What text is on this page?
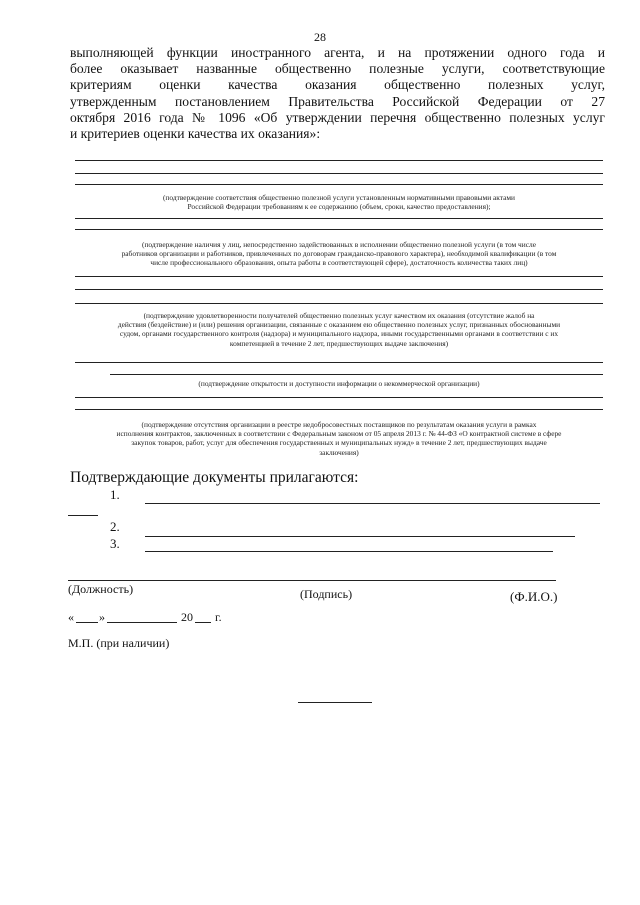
28
выполняющей функции иностранного агента, и на протяжении одного года и
более оказывает названные общественно полезные услуги, соответствующие
критериям оценки качества оказания общественно полезных услуг,
утвержденным постановлением Правительства Российской Федерации от 27
октября 2016 года № 1096 «Об утверждении перечня общественно полезных услуг
и критериев оценки качества их оказания»:
(подтверждение соответствия общественно полезной услуги установленным нормативными правовыми актами
Российской Федерации требованиям к ее содержанию (объем, сроки, качество предоставления);
(подтверждение наличия у лиц, непосредственно задействованных в исполнении общественно полезной услуги (в том числе
работников организации и работников, привлеченных по договорам гражданско-правового характера), необходимой квалификации (в том
числе профессионального образования, опыта работы в соответствующей сфере), достаточность количества таких лиц)
(подтверждение удовлетворенности получателей общественно полезных услуг качеством их оказания (отсутствие жалоб на
действия (бездействие) и (или) решения организации, связанные с оказанием ею общественно полезных услуг, признанных обоснованными
судом, органами государственного контроля (надзора) и муниципального надзора, иными государственными органами в соответствии с их
компетенцией в течение 2 лет, предшествующих выдаче заключения)
(подтверждение открытости и доступности информации о некоммерческой организации)
(подтверждение отсутствия организации в реестре недобросовестных поставщиков по результатам оказания услуги в рамках
исполнения контрактов, заключенных в соответствии с Федеральным законом от 05 апреля 2013 г. № 44-ФЗ «О контрактной системе в сфере
закупок товаров, работ, услуг для обеспечения государственных и муниципальных нужд» в течение 2 лет, предшествующих выдаче
заключения)
Подтверждающие документы прилагаются:
1.
2.
3.
(Должность)	(Подпись)	(Ф.И.О.)
« »	20 г.
М.П. (при наличии)
